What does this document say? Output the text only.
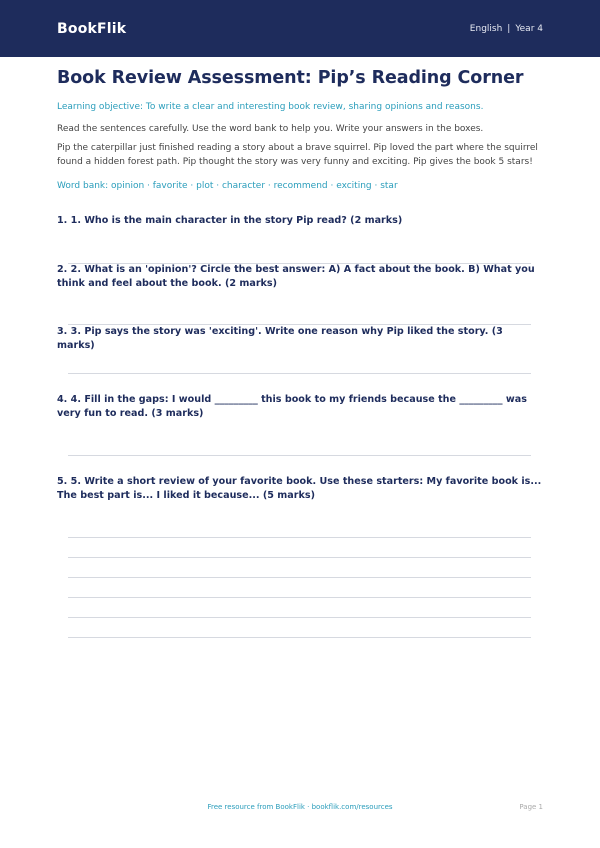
BookFlik	English | Year 4
Book Review Assessment: Pip’s Reading Corner

Learning objective: To write a clear and interesting book review, sharing opinions and reasons.

Read the sentences carefully. Use the word bank to help you. Write your answers in the boxes.

Pip the caterpillar just finished reading a story about a brave squirrel. Pip loved the part where the squirrel found a hidden forest path. Pip thought the story was very funny and exciting. Pip gives the book 5 stars!

Word bank: opinion · favorite · plot · character · recommend · exciting · star

1. 1. Who is the main character in the story Pip read? (2 marks)
2. 2. What is an 'opinion'? Circle the best answer: A) A fact about the book. B) What you think and feel about the book. (2 marks)
3. 3. Pip says the story was 'exciting'. Write one reason why Pip liked the story. (3 marks)
4. 4. Fill in the gaps: I would _________ this book to my friends because the _________ was very fun to read. (3 marks)
5. 5. Write a short review of your favorite book. Use these starters: My favorite book is... The best part is... I liked it because... (5 marks)
Free resource from BookFlik · bookflik.com/resources	Page 1
